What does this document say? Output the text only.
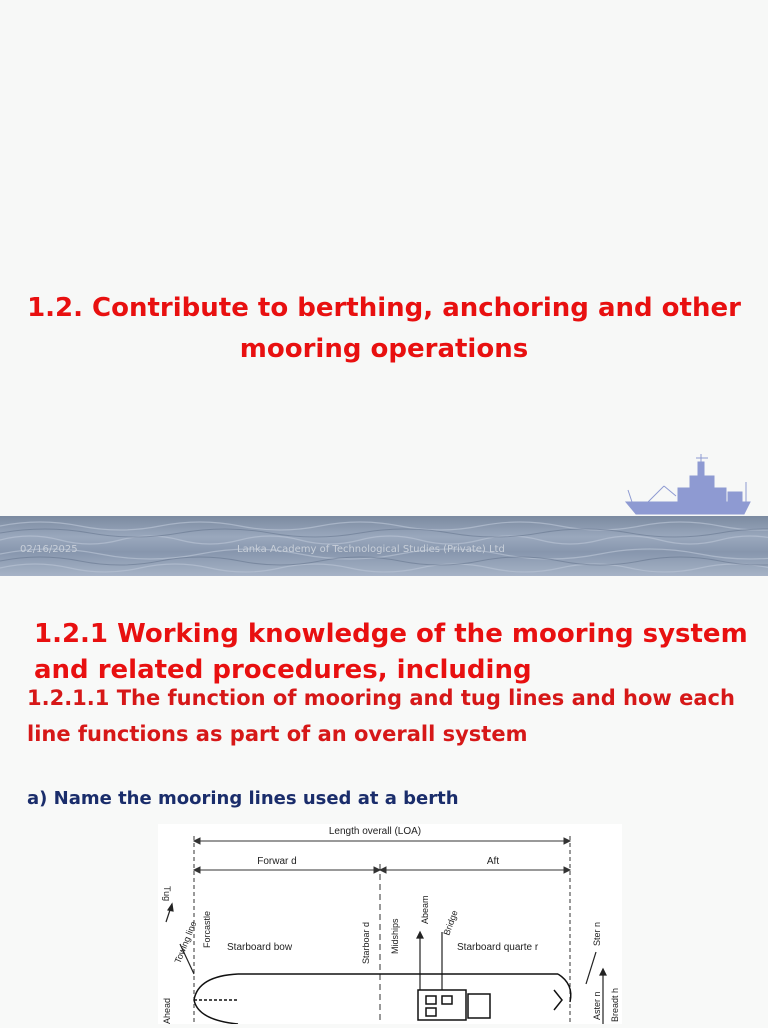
1.2. Contribute to berthing, anchoring and other mooring operations
02/16/2025	Lanka Academy of Technological Studies (Private) Ltd
1.2.1 Working knowledge of the mooring system and related procedures, including
1.2.1.1 The function of mooring and tug lines and how each line functions as part of an overall system
a) Name the mooring lines used at a berth
Length overall (LOA)
Forwar d	Aft
Tug
Towing line Forcastle Starboard bow	Starboar d Midships
Abeam Bridge
Starboard quarte r
Ster n
Ahead	Aster n Breadt h
